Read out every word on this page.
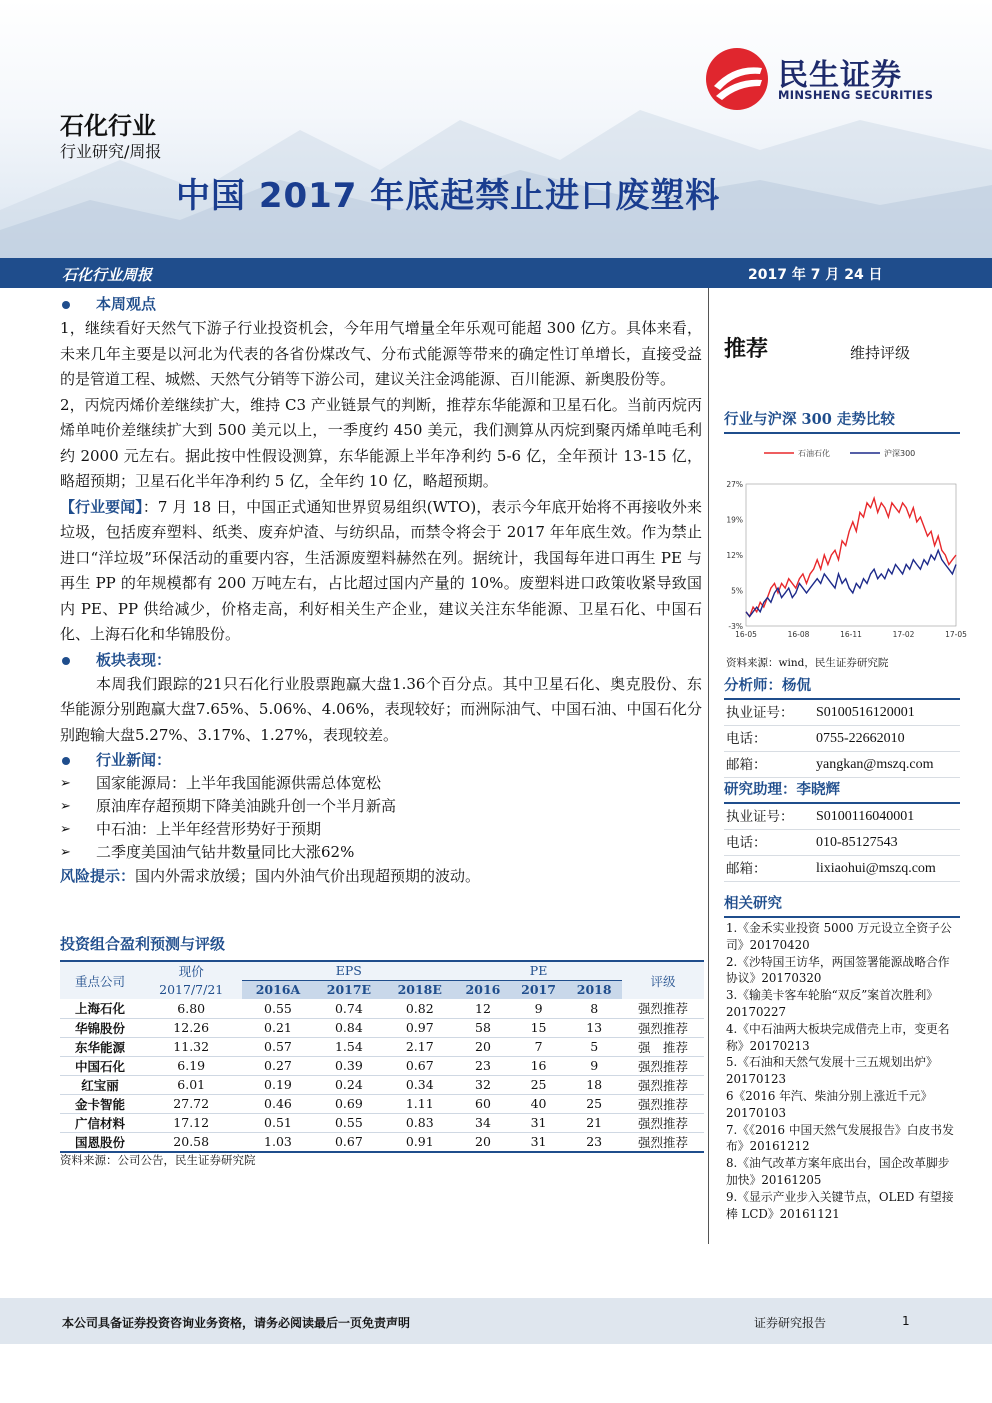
民生证券
MINSHENG SECURITIES
石化行业
行业研究/周报
中国 2017 年底起禁止进口废塑料
石化行业周报	2017 年 7 月 24 日
本周观点

1，继续看好天然气下游子行业投资机会，今年用气增量全年乐观可能超 300 亿方。具体来看，未来几年主要是以河北为代表的各省份煤改气、分布式能源等带来的确定性订单增长，直接受益的是管道工程、城燃、天然气分销等下游公司，建议关注金鸿能源、百川能源、新奥股份等。

2，丙烷丙烯价差继续扩大，维持 C3 产业链景气的判断，推荐东华能源和卫星石化。当前丙烷丙烯单吨价差继续扩大到 500 美元以上，一季度约 450 美元，我们测算从丙烷到聚丙烯单吨毛利约 2000 元左右。据此按中性假设测算，东华能源上半年净利约 5-6 亿，全年预计 13-15 亿，略超预期；卫星石化半年净利约 5 亿，全年约 10 亿，略超预期。

【行业要闻】：7 月 18 日，中国正式通知世界贸易组织(WTO)，表示今年底开始将不再接收外来垃圾，包括废弃塑料、纸类、废弃炉渣、与纺织品，而禁令将会于 2017 年年底生效。作为禁止进口“洋垃圾”环保活动的重要内容，生活源废塑料赫然在列。据统计，我国每年进口再生 PE 与再生 PP 的年规模都有 200 万吨左右，占比超过国内产量的 10%。废塑料进口政策收紧导致国内 PE、PP 供给减少，价格走高，利好相关生产企业，建议关注东华能源、卫星石化、中国石化、上海石化和华锦股份。

板块表现：

本周我们跟踪的21只石化行业股票跑赢大盘1.36个百分点。其中卫星石化、奥克股份、东华能源分别跑赢大盘7.65%、5.06%、4.06%，表现较好；而洲际油气、中国石油、中国石化分别跑输大盘5.27%、3.17%、1.27%，表现较差。

行业新闻：
➢ 国家能源局：上半年我国能源供需总体宽松
➢ 原油库存超预期下降美油跳升创一个半月新高
➢ 中石油：上半年经营形势好于预期
➢ 二季度美国油气钻井数量同比大涨62%

风险提示：国内外需求放缓；国内外油气价出现超预期的波动。

投资组合盈利预测与评级
重点公司	现价	EPS			PE			评级
	2017/7/21	2016A	2017E	2018E	2016	2017	2018	
上海石化	6.80	0.55	0.74	0.82	12	9	8	强烈推荐
华锦股份	12.26	0.21	0.84	0.97	58	15	13	强烈推荐
东华能源	11.32	0.57	1.54	2.17	20	7	5	强　推荐
中国石化	6.19	0.27	0.39	0.67	23	16	9	强烈推荐
红宝丽	6.01	0.19	0.24	0.34	32	25	18	强烈推荐
金卡智能	27.72	0.46	0.69	1.11	60	40	25	强烈推荐
广信材料	17.12	0.51	0.55	0.83	34	31	21	强烈推荐
国恩股份	20.58	1.03	0.67	0.91	20	31	23	强烈推荐
资料来源：公司公告，民生证券研究院
推荐	维持评级
行业与沪深 300 走势比较
27%
19%
12%
5%
-3%
16-05	16-08	16-11	17-02	17-05
石油石化	沪深300
资料来源：wind，民生证券研究院
分析师：杨侃
执业证号： S0100516120001
电话：	0755-22662010
邮箱：	yangkan@mszq.com
研究助理：李晓辉
执业证号： S0100116040001
电话：	010-85127543
邮箱：	lixiaohui@mszq.com
相关研究
1.《金禾实业投资 5000 万元设立全资子公司》20170420
2.《沙特国王访华，两国签署能源战略合作协议》20170320
3.《输美卡客车轮胎“双反”案首次胜利》20170227
4.《中石油两大板块完成借壳上市，变更名称》20170213
5.《石油和天然气发展十三五规划出炉》20170123
6《2016 年汽、柴油分别上涨近千元》20170103
7.《《2016 中国天然气发展报告》白皮书发布》20161212
8.《油气改革方案年底出台，国企改革脚步加快》20161205
9.《显示产业步入关键节点，OLED 有望接棒 LCD》20161121
本公司具备证券投资咨询业务资格，请务必阅读最后一页免责声明	证券研究报告	1
